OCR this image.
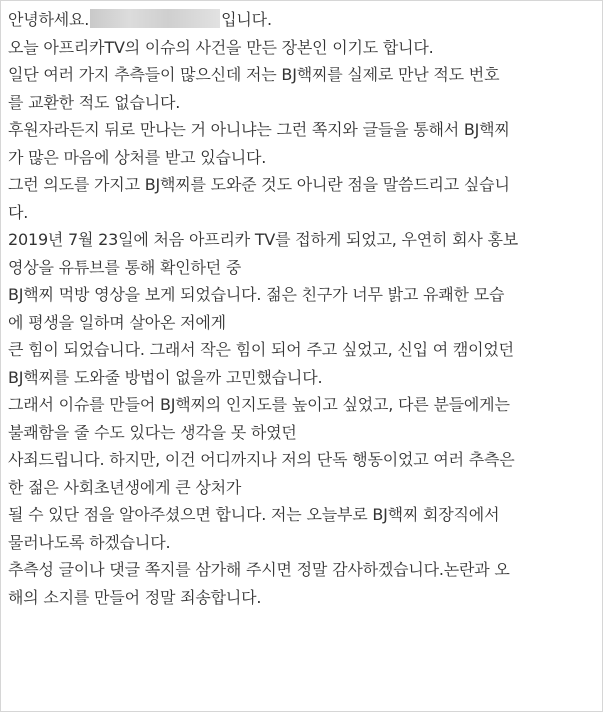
안녕하세요.	입니다.
오늘 아프리카TV의 이슈의 사건을 만든 장본인 이기도 합니다.
일단 여러 가지 추측들이 많으신데 저는 BJ핵찌를 실제로 만난 적도 번호
를 교환한 적도 없습니다.
후원자라든지 뒤로 만나는 거 아니냐는 그런 쪽지와 글들을 통해서 BJ핵찌
가 많은 마음에 상처를 받고 있습니다.
그런 의도를 가지고 BJ핵찌를 도와준 것도 아니란 점을 말씀드리고 싶습니
다.
2019년 7월 23일에 처음 아프리카 TV를 접하게 되었고, 우연히 회사 홍보
영상을 유튜브를 통해 확인하던 중
BJ핵찌 먹방 영상을 보게 되었습니다. 젊은 친구가 너무 밝고 유쾌한 모습
에 평생을 일하며 살아온 저에게
큰 힘이 되었습니다. 그래서 작은 힘이 되어 주고 싶었고, 신입 여 캠이었던
BJ핵찌를 도와줄 방법이 없을까 고민했습니다.
그래서 이슈를 만들어 BJ핵찌의 인지도를 높이고 싶었고, 다른 분들에게는
불쾌함을 줄 수도 있다는 생각을 못 하였던
사죄드립니다. 하지만, 이건 어디까지나 저의 단독 행동이었고 여러 추측은
한 젊은 사회초년생에게 큰 상처가
될 수 있단 점을 알아주셨으면 합니다. 저는 오늘부로 BJ핵찌 회장직에서
물러나도록 하겠습니다.
추측성 글이나 댓글 쪽지를 삼가해 주시면 정말 감사하겠습니다.논란과 오
해의 소지를 만들어 정말 죄송합니다.
